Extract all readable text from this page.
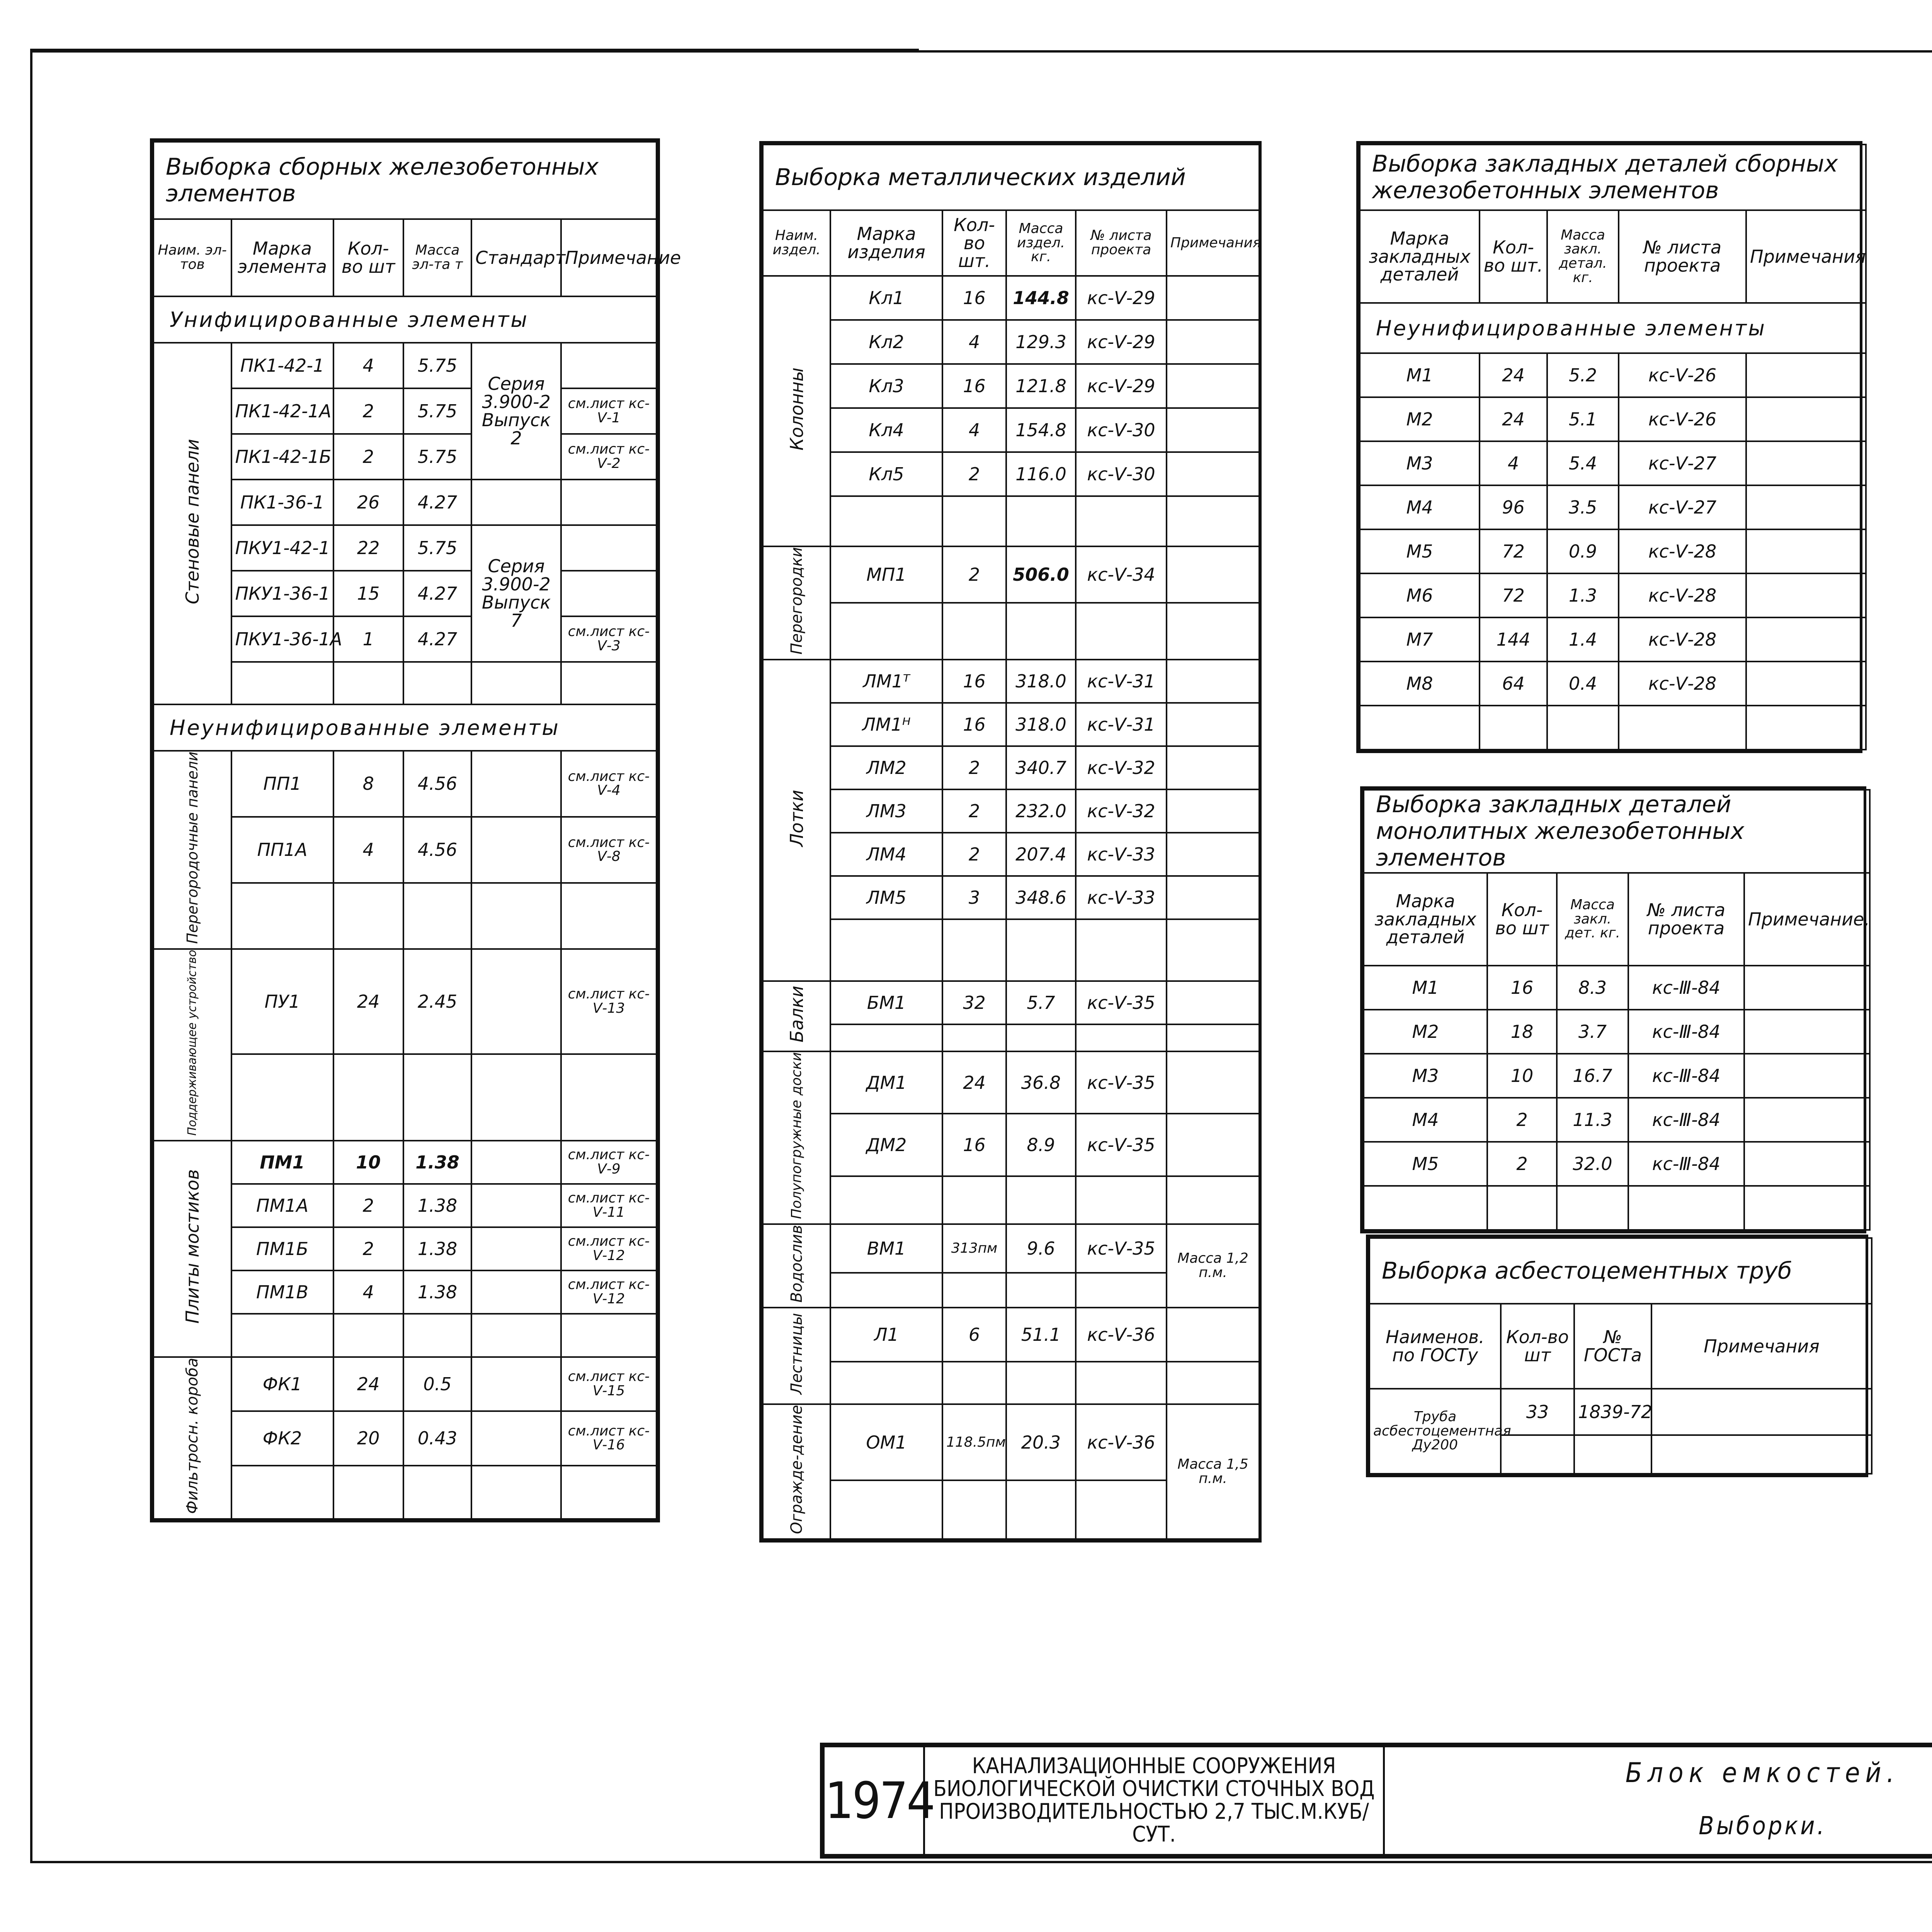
Выборка сборных железобетонных элементов					
Наим. эл-тов	Марка элемента	Кол-во шт	Масса эл-та т	Стандарт	Примечание
Унифицированные элементы					
Стеновые панели	ПК1-42-1	4	5.75	Серия 3.900-2 Выпуск 2	
	ПК1-42-1А	2	5.75		см.лист кс-Ⅴ-1
	ПК1-42-1Б	2	5.75		см.лист кс-Ⅴ-2
	ПК1-36-1	26	4.27		
	ПКУ1-42-1	22	5.75	Серия 3.900-2 Выпуск 7	
	ПКУ1-36-1	15	4.27		
	ПКУ1-36-1А	1	4.27		см.лист кс-Ⅴ-3

Неунифицированные элементы					
Перегородочные панели	ПП1	8	4.56		см.лист кс-Ⅴ-4
	ПП1А	4	4.56		см.лист кс-Ⅴ-8

Поддерживающее устройство	ПУ1	24	2.45		см.лист кс-Ⅴ-13

Плиты мостиков	ПМ1	10	1.38		см.лист кс-Ⅴ-9
	ПМ1А	2	1.38		см.лист кс-Ⅴ-11
	ПМ1Б	2	1.38		см.лист кс-Ⅴ-12
	ПМ1В	4	1.38		см.лист кс-Ⅴ-12

Фильтросн. короба	ФК1	24	0.5		см.лист кс-Ⅴ-15
	ФК2	20	0.43		см.лист кс-Ⅴ-16

Выборка металлических изделий					
Наим. издел.	Марка изделия	Кол-во шт.	Масса издел. кг.	№ листа проекта	Примечания
Колонны	Кл1	16	144.8	кс-Ⅴ-29	
	Кл2	4	129.3	кс-Ⅴ-29	
	Кл3	16	121.8	кс-Ⅴ-29	
	Кл4	4	154.8	кс-Ⅴ-30	
	Кл5	2	116.0	кс-Ⅴ-30	

Перегородки	МП1	2	506.0	кс-Ⅴ-34	

Лотки	ЛМ1ᵀ	16	318.0	кс-Ⅴ-31	
	ЛМ1ᴴ	16	318.0	кс-Ⅴ-31	
	ЛМ2	2	340.7	кс-Ⅴ-32	
	ЛМ3	2	232.0	кс-Ⅴ-32	
	ЛМ4	2	207.4	кс-Ⅴ-33	
	ЛМ5	3	348.6	кс-Ⅴ-33	

Балки	БМ1	32	5.7	кс-Ⅴ-35	

Полупогружные доски	ДМ1	24	36.8	кс-Ⅴ-35	
	ДМ2	16	8.9	кс-Ⅴ-35	

Водослив	ВМ1	313пм	9.6	кс-Ⅴ-35	Масса 1,2 п.м.

Лестницы	Л1	6	51.1	кс-Ⅴ-36	

Огражде-дение	ОМ1	118.5пм	20.3	кс-Ⅴ-36	Масса 1,5 п.м.

Выборка закладных деталей сборных железобетонных элементов				
Марка закладных деталей	Кол-во шт.	Масса закл. детал. кг.	№ листа проекта	Примечания
Неунифицированные элементы				
М1	24	5.2	кс-Ⅴ-26	
М2	24	5.1	кс-Ⅴ-26	
М3	4	5.4	кс-Ⅴ-27	
М4	96	3.5	кс-Ⅴ-27	
М5	72	0.9	кс-Ⅴ-28	
М6	72	1.3	кс-Ⅴ-28	
М7	144	1.4	кс-Ⅴ-28	
М8	64	0.4	кс-Ⅴ-28	

Выборка закладных деталей монолитных железобетонных элементов				
Марка закладных деталей	Кол-во шт	Масса закл. дет. кг.	№ листа проекта	Примечание.
М1	16	8.3	кс-Ⅲ-84	
М2	18	3.7	кс-Ⅲ-84	
М3	10	16.7	кс-Ⅲ-84	
М4	2	11.3	кс-Ⅲ-84	
М5	2	32.0	кс-Ⅲ-84	

Выборка асбестоцементных труб			
Наименов. по ГОСТу	Кол-во шт	№ ГОСТа	Примечания
Труба асбестоцементная Ду200	33	1839-72	

1974	КАНАЛИЗАЦИОННЫЕ СООРУЖЕНИЯ БИОЛОГИЧЕСКОЙ ОЧИСТКИ СТОЧНЫХ ВОД ПРОИЗВОДИТЕЛЬНОСТЬЮ 2,7 ТЫС.М.КУБ/СУТ.	Блок емкостей.			
		Выборки.			
